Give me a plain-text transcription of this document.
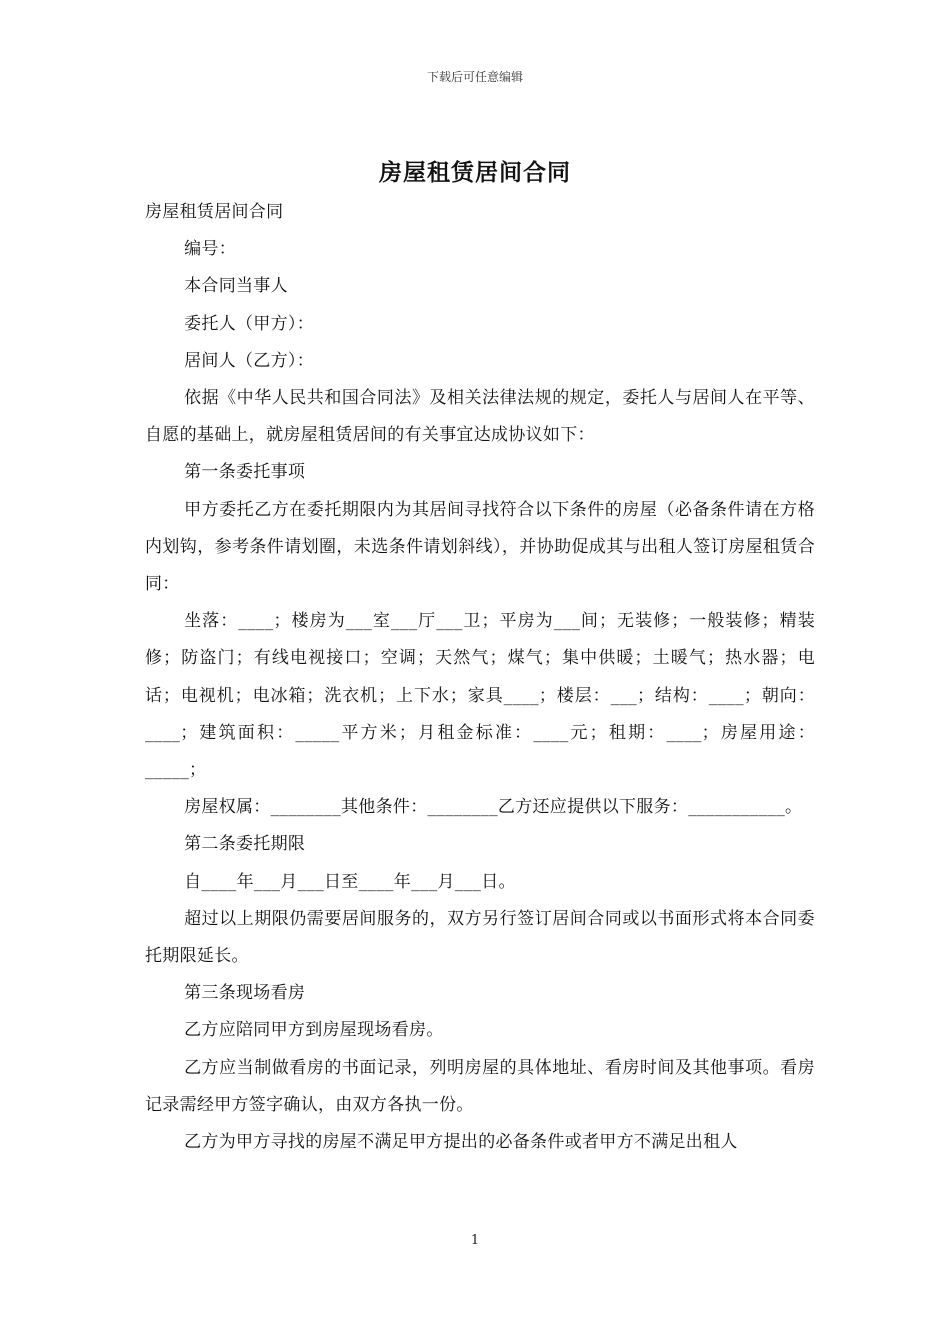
下载后可任意编辑
房屋租赁居间合同

房屋租赁居间合同

编号：

本合同当事人

委托人（甲方）：

居间人（乙方）：

依据《中华人民共和国合同法》及相关法律法规的规定，委托人与居间人在平等、自愿的基础上，就房屋租赁居间的有关事宜达成协议如下：

第一条委托事项

甲方委托乙方在委托期限内为其居间寻找符合以下条件的房屋（必备条件请在方格内划钩，参考条件请划圈，未选条件请划斜线），并协助促成其与出租人签订房屋租赁合同：

坐落：____；楼房为___室___厅___卫；平房为___间；无装修；一般装修；精装修；防盗门；有线电视接口；空调；天然气；煤气；集中供暖；土暖气；热水器；电话；电视机；电冰箱；洗衣机；上下水；家具____；楼层：___；结构：____；朝向：____；建筑面积：_____平方米；月租金标准：____元；租期：____；房屋用途：_____；

房屋权属：________其他条件：________乙方还应提供以下服务：___________。

第二条委托期限

自____年___月___日至____年___月___日。

超过以上期限仍需要居间服务的，双方另行签订居间合同或以书面形式将本合同委托期限延长。

第三条现场看房

乙方应陪同甲方到房屋现场看房。

乙方应当制做看房的书面记录，列明房屋的具体地址、看房时间及其他事项。看房记录需经甲方签字确认，由双方各执一份。

乙方为甲方寻找的房屋不满足甲方提出的必备条件或者甲方不满足出租人

1
